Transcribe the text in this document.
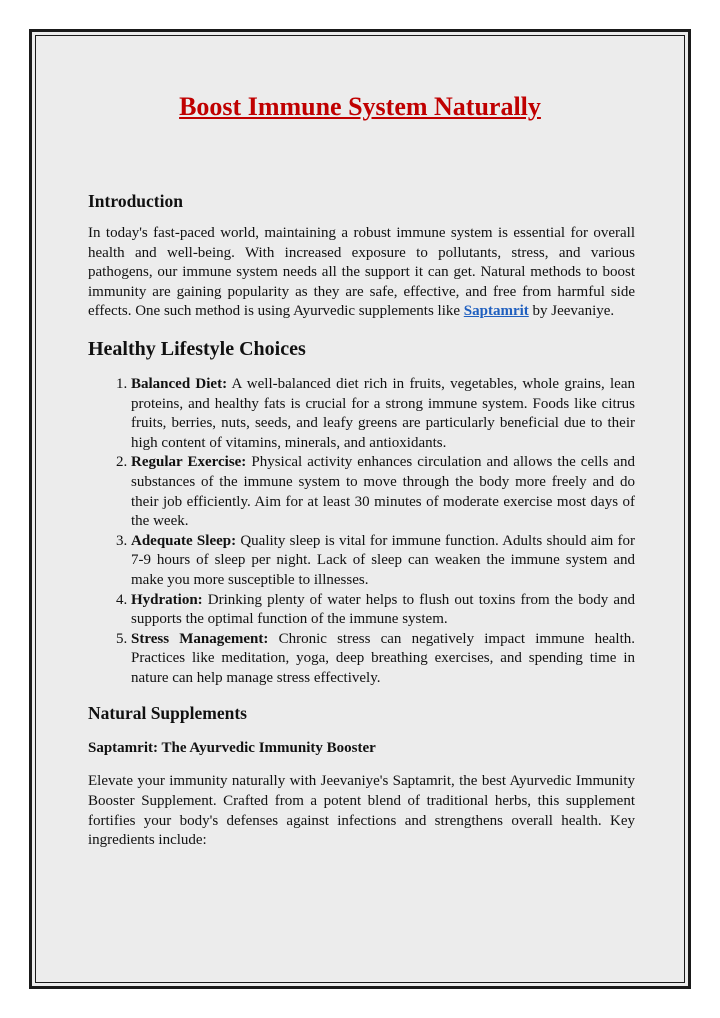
Boost Immune System Naturally
Introduction

In today's fast-paced world, maintaining a robust immune system is essential for overall health and well-being. With increased exposure to pollutants, stress, and various pathogens, our immune system needs all the support it can get. Natural methods to boost immunity are gaining popularity as they are safe, effective, and free from harmful side effects. One such method is using Ayurvedic supplements like Saptamrit by Jeevaniye.

Healthy Lifestyle Choices
1. Balanced Diet: A well-balanced diet rich in fruits, vegetables, whole grains, lean proteins, and healthy fats is crucial for a strong immune system. Foods like citrus fruits, berries, nuts, seeds, and leafy greens are particularly beneficial due to their high content of vitamins, minerals, and antioxidants.
2. Regular Exercise: Physical activity enhances circulation and allows the cells and substances of the immune system to move through the body more freely and do their job efficiently. Aim for at least 30 minutes of moderate exercise most days of the week.
3. Adequate Sleep: Quality sleep is vital for immune function. Adults should aim for 7-9 hours of sleep per night. Lack of sleep can weaken the immune system and make you more susceptible to illnesses.
4. Hydration: Drinking plenty of water helps to flush out toxins from the body and supports the optimal function of the immune system.
5. Stress Management: Chronic stress can negatively impact immune health. Practices like meditation, yoga, deep breathing exercises, and spending time in nature can help manage stress effectively.
Natural Supplements
Saptamrit: The Ayurvedic Immunity Booster

Elevate your immunity naturally with Jeevaniye's Saptamrit, the best Ayurvedic Immunity Booster Supplement. Crafted from a potent blend of traditional herbs, this supplement fortifies your body's defenses against infections and strengthens overall health. Key ingredients include:
